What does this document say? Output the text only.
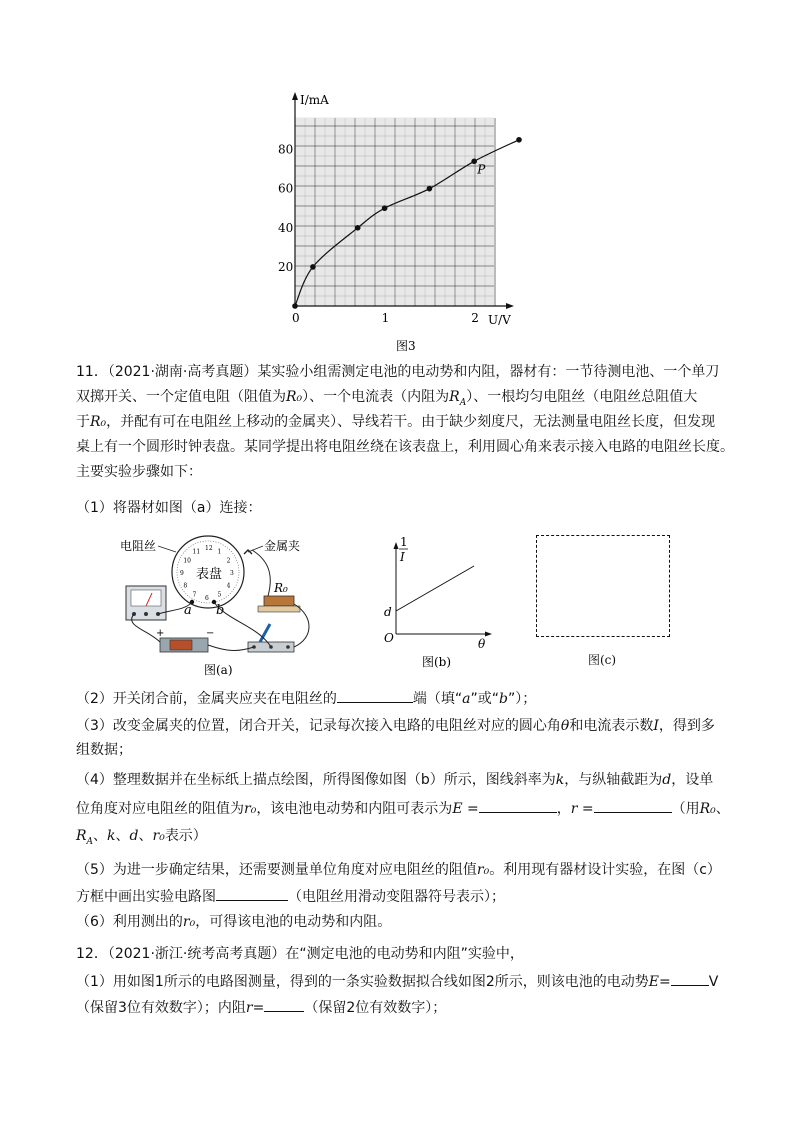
I/mA
U/V
0	1	2
20
40
60
80
P
图3
11．（2021·湖南·高考真题）某实验小组需测定电池的电动势和内阻，器材有：一节待测电池、一个单刀
双掷开关、一个定值电阻（阻值为R₀）、一个电流表（内阻为$R_A$）、一根均匀电阻丝（电阻丝总阻值大
于R₀，并配有可在电阻丝上移动的金属夹）、导线若干。由于缺少刻度尺，无法测量电阻丝长度，但发现
桌上有一个圆形时钟表盘。某同学提出将电阻丝绕在该表盘上，利用圆心角来表示接入电路的电阻丝长度。
主要实验步骤如下：
（1）将器材如图（a）连接：
12 1
2
3
4
5
6
7
8
9
10
11
表盘
电阻丝	金属夹
a b
R₀
+	−
图(a)
1
I
d
O	θ
图(b)	图(c)
（2）开关闭合前，金属夹应夹在电阻丝的	端（填“a”或“b”）；
（3）改变金属夹的位置，闭合开关，记录每次接入电路的电阻丝对应的圆心角θ和电流表示数I，得到多
组数据；
（4）整理数据并在坐标纸上描点绘图，所得图像如图（b）所示，图线斜率为k，与纵轴截距为d，设单
位角度对应电阻丝的阻值为r₀，该电池电动势和内阻可表示为E =	，r =	（用R₀、
$R_A$、k、d、r₀表示）
（5）为进一步确定结果，还需要测量单位角度对应电阻丝的阻值r₀。利用现有器材设计实验，在图（c）
方框中画出实验电路图	（电阻丝用滑动变阻器符号表示）；
（6）利用测出的r₀，可得该电池的电动势和内阻。
12．（2021·浙江·统考高考真题）在“测定电池的电动势和内阻”实验中，
（1）用如图1所示的电路图测量，得到的一条实验数据拟合线如图2所示，则该电池的电动势E=	V
（保留3位有效数字）；内阻r=	（保留2位有效数字）；
